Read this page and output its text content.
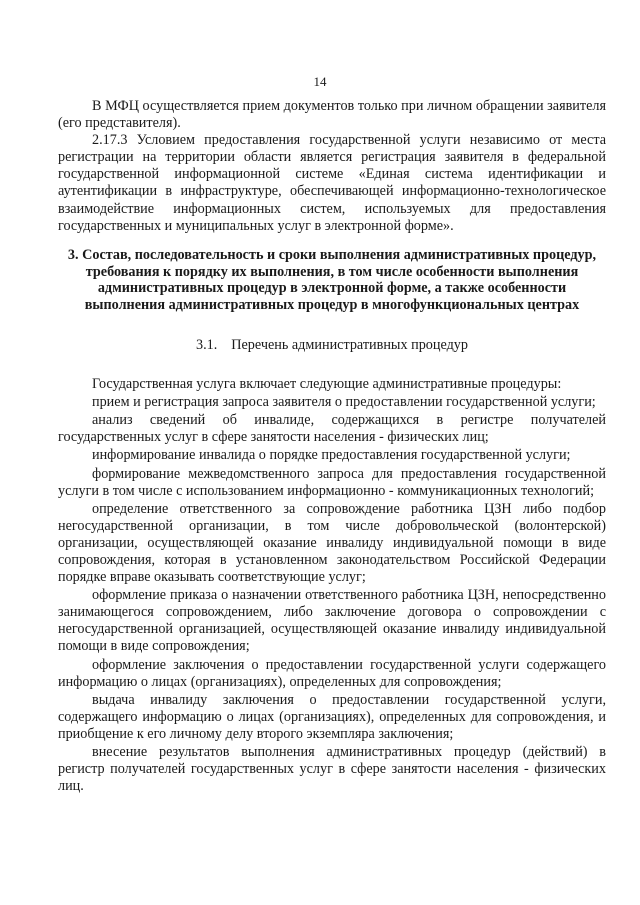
14

В МФЦ осуществляется прием документов только при личном обращении заявителя (его представителя).

2.17.3 Условием предоставления государственной услуги независимо от места регистрации на территории области является регистрация заявителя в федеральной государственной информационной системе «Единая система идентификации и аутентификации в инфраструктуре, обеспечивающей информационно-технологическое взаимодействие информационных систем, используемых для предоставления государственных и муниципальных услуг в электронной форме».

3. Состав, последовательность и сроки выполнения административных процедур, требования к порядку их выполнения, в том числе особенности выполнения административных процедур в электронной форме, а также особенности выполнения административных процедур в многофункциональных центрах
3.1. Перечень административных процедур

Государственная услуга включает следующие административные процедуры:

прием и регистрация запроса заявителя о предоставлении государственной услуги;

анализ сведений об инвалиде, содержащихся в регистре получателей государственных услуг в сфере занятости населения - физических лиц;

информирование инвалида о порядке предоставления государственной услуги;

формирование межведомственного запроса для предоставления государственной услуги в том числе с использованием информационно - коммуникационных технологий;

определение ответственного за сопровождение работника ЦЗН либо подбор негосударственной организации, в том числе добровольческой (волонтерской) организации, осуществляющей оказание инвалиду индивидуальной помощи в виде сопровождения, которая в установленном законодательством Российской Федерации порядке вправе оказывать соответствующие услуг;

оформление приказа о назначении ответственного работника ЦЗН, непосредственно занимающегося сопровождением, либо заключение договора о сопровождении с негосударственной организацией, осуществляющей оказание инвалиду индивидуальной помощи в виде сопровождения;

оформление заключения о предоставлении государственной услуги содержащего информацию о лицах (организациях), определенных для сопровождения;

выдача инвалиду заключения о предоставлении государственной услуги, содержащего информацию о лицах (организациях), определенных для сопровождения, и приобщение к его личному делу второго экземпляра заключения;

внесение результатов выполнения административных процедур (действий) в регистр получателей государственных услуг в сфере занятости населения - физических лиц.
